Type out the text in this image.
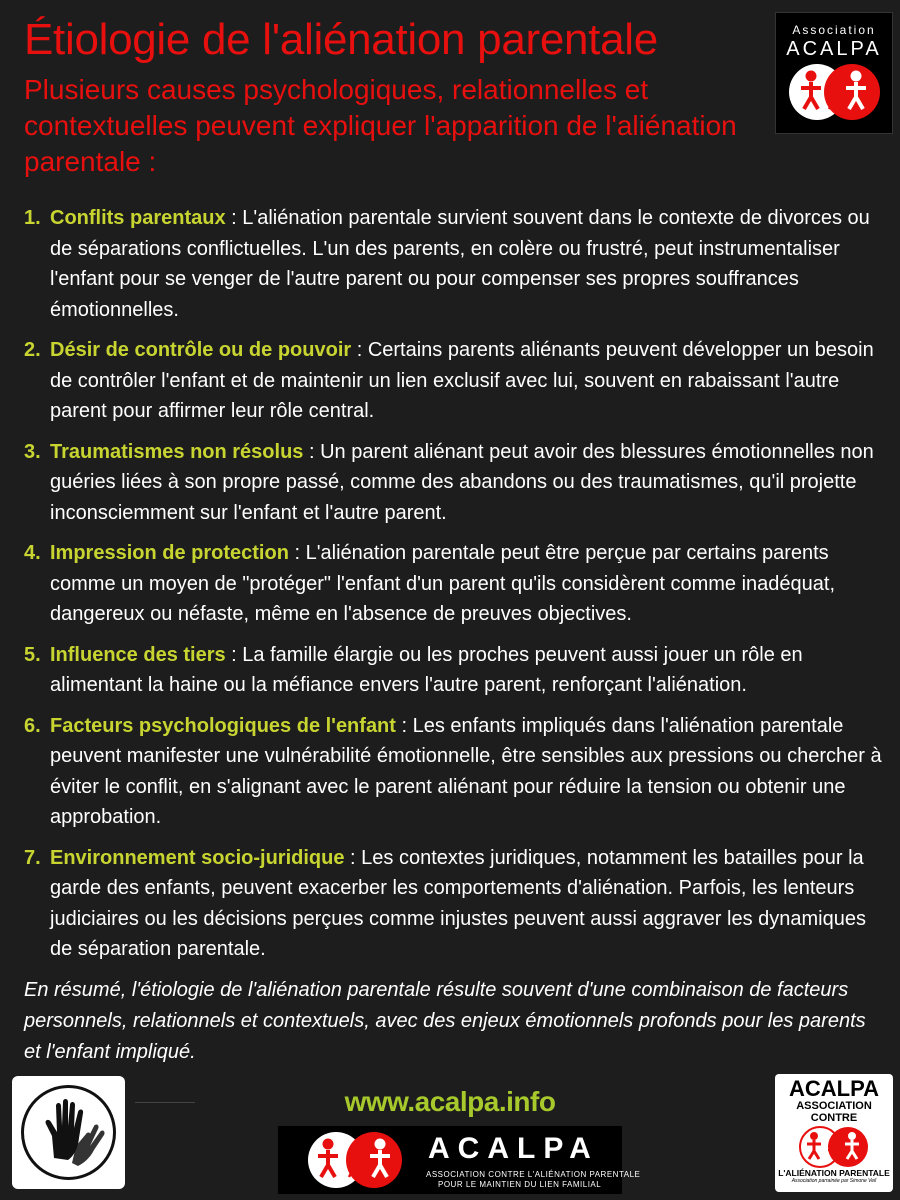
Étiologie de l'aliénation parentale

Plusieurs causes psychologiques, relationnelles et contextuelles peuvent expliquer l'apparition de l'aliénation parentale :

Association
ACALPA
1. Conflits parentaux : L'aliénation parentale survient souvent dans le contexte de divorces ou de séparations conflictuelles. L'un des parents, en colère ou frustré, peut instrumentaliser l'enfant pour se venger de l'autre parent ou pour compenser ses propres souffrances émotionnelles.
2. Désir de contrôle ou de pouvoir : Certains parents aliénants peuvent développer un besoin de contrôler l'enfant et de maintenir un lien exclusif avec lui, souvent en rabaissant l'autre parent pour affirmer leur rôle central.
3. Traumatismes non résolus : Un parent aliénant peut avoir des blessures émotionnelles non guéries liées à son propre passé, comme des abandons ou des traumatismes, qu'il projette inconsciemment sur l'enfant et l'autre parent.
4. Impression de protection : L'aliénation parentale peut être perçue par certains parents comme un moyen de "protéger" l'enfant d'un parent qu'ils considèrent comme inadéquat, dangereux ou néfaste, même en l'absence de preuves objectives.
5. Influence des tiers : La famille élargie ou les proches peuvent aussi jouer un rôle en alimentant la haine ou la méfiance envers l'autre parent, renforçant l'aliénation.
6. Facteurs psychologiques de l'enfant : Les enfants impliqués dans l'aliénation parentale peuvent manifester une vulnérabilité émotionnelle, être sensibles aux pressions ou chercher à éviter le conflit, en s'alignant avec le parent aliénant pour réduire la tension ou obtenir une approbation.
7. Environnement socio-juridique : Les contextes juridiques, notamment les batailles pour la garde des enfants, peuvent exacerber les comportements d'aliénation. Parfois, les lenteurs judiciaires ou les décisions perçues comme injustes peuvent aussi aggraver les dynamiques de séparation parentale.

En résumé, l'étiologie de l'aliénation parentale résulte souvent d'une combinaison de facteurs personnels, relationnels et contextuels, avec des enjeux émotionnels profonds pour les parents et l'enfant impliqué.

www.acalpa.info
ACALPA
ASSOCIATION CONTRE L'ALIÉNATION PARENTALE
POUR LE MAINTIEN DU LIEN FAMILIAL
ACALPA
ASSOCIATION CONTRE
L'ALIÉNATION PARENTALE
Association parrainée par Simone Veil
